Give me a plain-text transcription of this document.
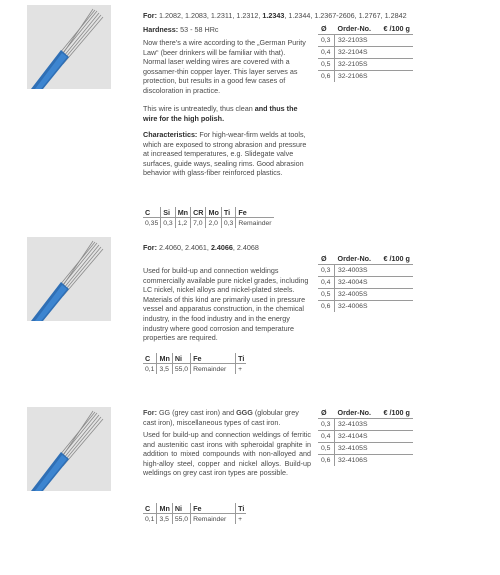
For: 1.2082, 1.2083, 1.2311, 1.2312, 1.2343, 1.2344, 1.2367-2606, 1.2767, 1.2842
Hardness: 53 - 58 HRc
Now there’s a wire according to the „German Purity Law“ (beer drinkers will be familiar with that). Normal laser welding wires are covered with a gossamer-thin copper layer. This layer serves as protection, but results in a good few cases of discoloration in practice.
Ø	Order-No.	€ /100 g
0,3	32-2103S	
0,4	32-2104S	
0,5	32-2105S	
0,6	32-2106S	
This wire is untreatedly, thus clean and thus the wire for the high polish.
Characteristics: For high-wear-firm welds at tools, which are exposed to strong abrasion and pressure at increased temperatures, e.g. Slidegate valve surfaces, guide ways, sealing rims. Good abrasion behavior with glass-fiber reinforced plastics.
C	Si	Mn	CR	Mo	Ti	Fe
0,35	0,3	1,2	7,0	2,0	0,3	Remainder
For: 2.4060, 2.4061, 2.4066, 2.4068
Used for build-up and connection weldings commercially available pure nickel grades, including LC nickel, nickel alloys and nickel-plated steels. Materials of this kind are primarily used in pressure vessel and apparatus construction, in the chemical industry, in the food industry and in the energy industry where good corrosion and temperature properties are required.
Ø	Order-No.	€ /100 g
0,3	32-4003S	
0,4	32-4004S	
0,5	32-4005S	
0,6	32-4006S	
C	Mn	Ni	Fe	Ti
0,1	3,5	55,0	Remainder	+
For: GG (grey cast iron) and GGG (globular grey cast iron), miscellaneous types of cast iron.
Used for build-up and connection weldings of ferritic and austenitic cast irons with spheroidal graphite in addition to mixed compounds with non-alloyed and high-alloy steel, copper and nickel alloys. Build-up weldings on grey cast iron types are possible.
Ø	Order-No.	€ /100 g
0,3	32-4103S	
0,4	32-4104S	
0,5	32-4105S	
0,6	32-4106S	
C	Mn	Ni	Fe	Ti
0,1	3,5	55,0	Remainder	+
